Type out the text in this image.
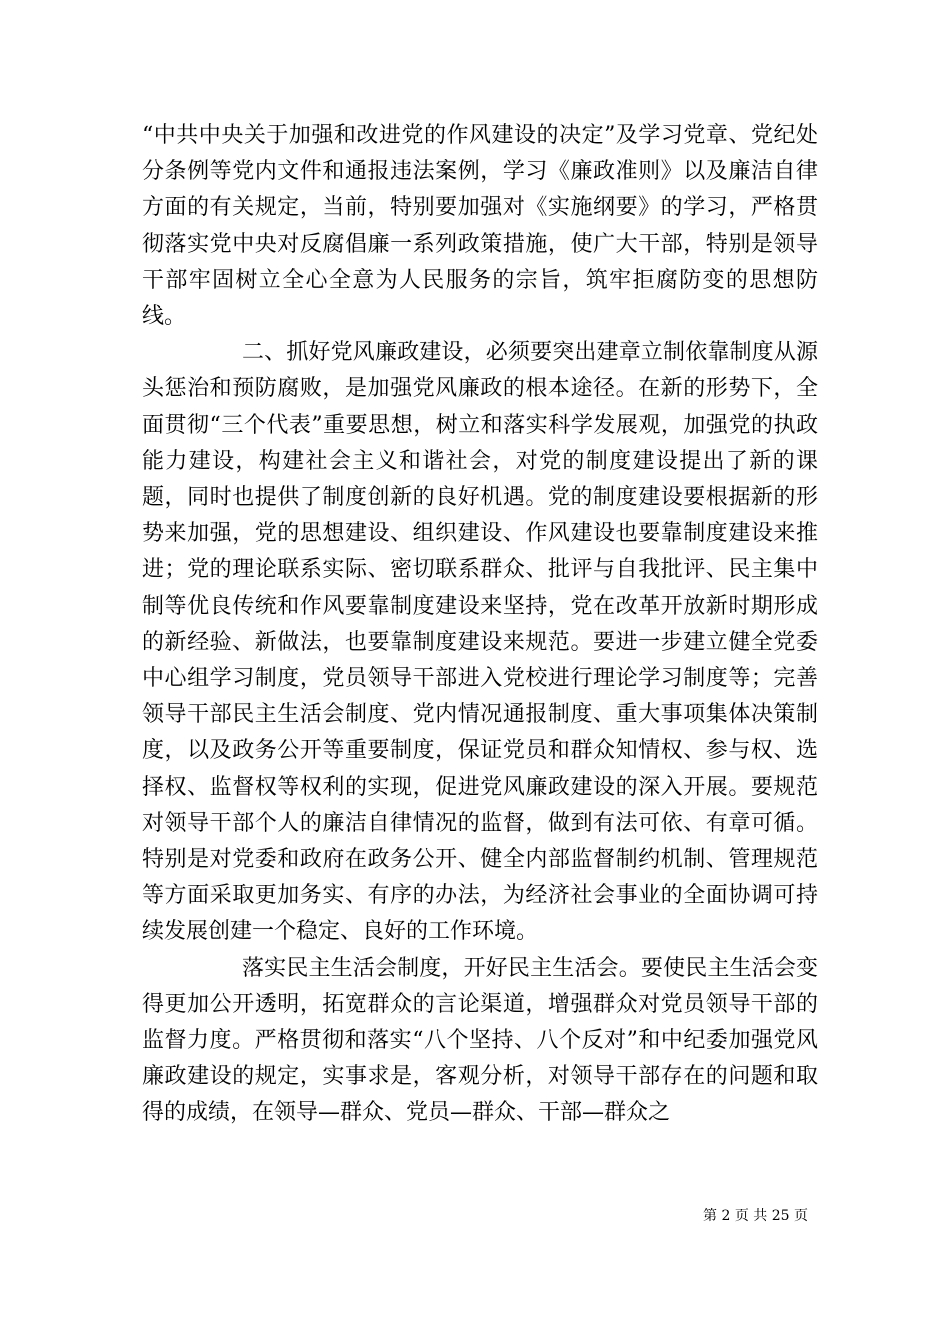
“中共中央关于加强和改进党的作风建设的决定”及学习党章、党纪处分条例等党内文件和通报违法案例，学习《廉政准则》以及廉洁自律方面的有关规定，当前，特别要加强对《实施纲要》的学习，严格贯彻落实党中央对反腐倡廉一系列政策措施，使广大干部，特别是领导干部牢固树立全心全意为人民服务的宗旨，筑牢拒腐防变的思想防线。

二、抓好党风廉政建设，必须要突出建章立制依靠制度从源头惩治和预防腐败，是加强党风廉政的根本途径。在新的形势下，全面贯彻“三个代表”重要思想，树立和落实科学发展观，加强党的执政能力建设，构建社会主义和谐社会，对党的制度建设提出了新的课题，同时也提供了制度创新的良好机遇。党的制度建设要根据新的形势来加强，党的思想建设、组织建设、作风建设也要靠制度建设来推进；党的理论联系实际、密切联系群众、批评与自我批评、民主集中制等优良传统和作风要靠制度建设来坚持，党在改革开放新时期形成的新经验、新做法，也要靠制度建设来规范。要进一步建立健全党委中心组学习制度，党员领导干部进入党校进行理论学习制度等；完善领导干部民主生活会制度、党内情况通报制度、重大事项集体决策制度，以及政务公开等重要制度，保证党员和群众知情权、参与权、选择权、监督权等权利的实现，促进党风廉政建设的深入开展。要规范对领导干部个人的廉洁自律情况的监督，做到有法可依、有章可循。特别是对党委和政府在政务公开、健全内部监督制约机制、管理规范等方面采取更加务实、有序的办法，为经济社会事业的全面协调可持续发展创建一个稳定、良好的工作环境。

落实民主生活会制度，开好民主生活会。要使民主生活会变得更加公开透明，拓宽群众的言论渠道，增强群众对党员领导干部的监督力度。严格贯彻和落实“八个坚持、八个反对”和中纪委加强党风廉政建设的规定，实事求是，客观分析，对领导干部存在的问题和取得的成绩，在领导—群众、党员—群众、干部—群众之

第 2 页 共 25 页
